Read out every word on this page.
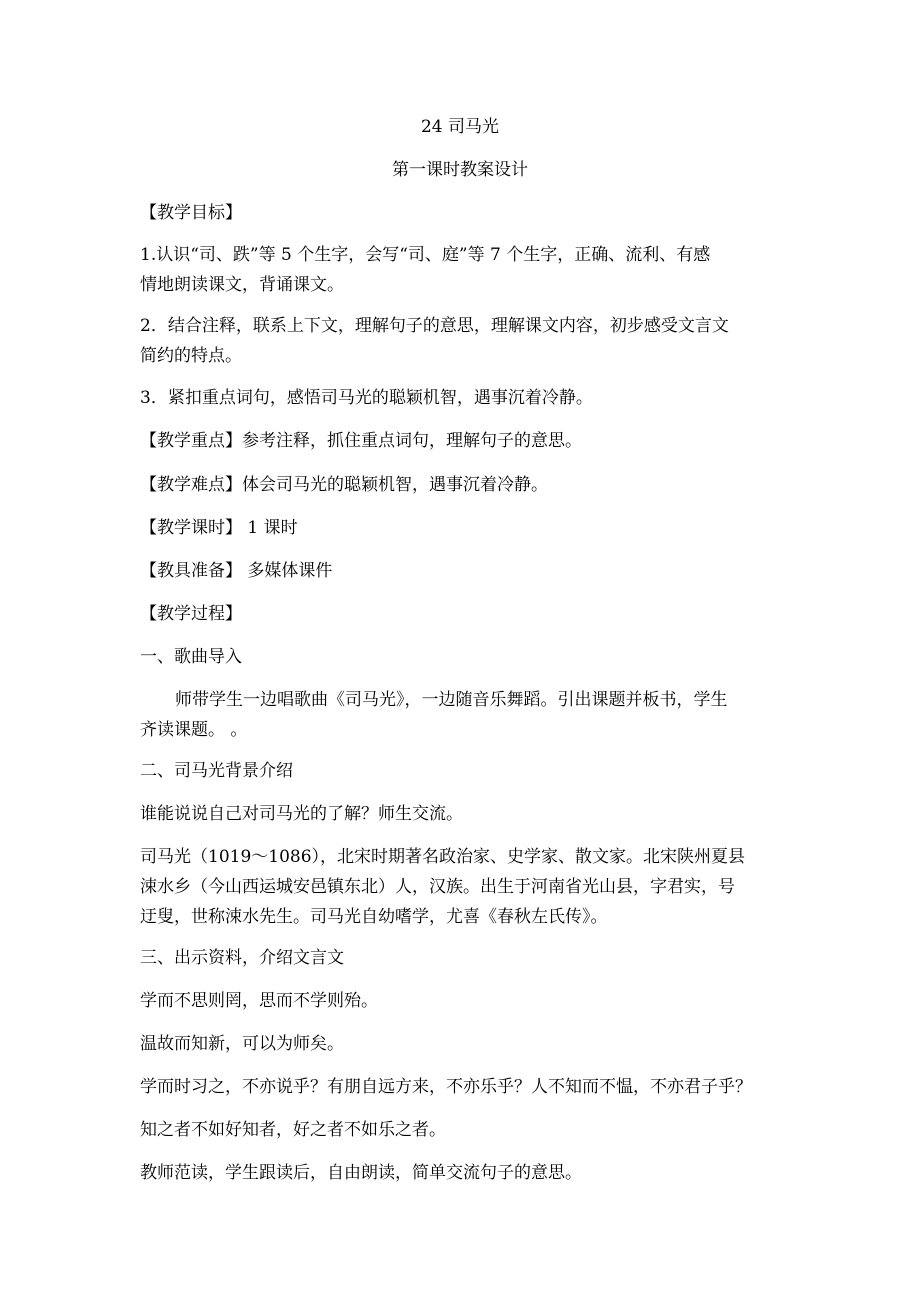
24 司马光
第一课时教案设计
【教学目标】
1.认识“司、跌”等 5 个生字，会写“司、庭”等 7 个生字，正确、流利、有感
情地朗读课文，背诵课文。
2．结合注释，联系上下文，理解句子的意思，理解课文内容，初步感受文言文
简约的特点。
3．紧扣重点词句，感悟司马光的聪颖机智，遇事沉着冷静。
【教学重点】参考注释，抓住重点词句，理解句子的意思。
【教学难点】体会司马光的聪颖机智，遇事沉着冷静。
【教学课时】 1 课时
【教具准备】 多媒体课件
【教学过程】
一、歌曲导入
师带学生一边唱歌曲《司马光》，一边随音乐舞蹈。引出课题并板书，学生
齐读课题。 。
二、司马光背景介绍
谁能说说自己对司马光的了解？师生交流。
司马光（1019～1086），北宋时期著名政治家、史学家、散文家。北宋陕州夏县
涑水乡（今山西运城安邑镇东北）人，汉族。出生于河南省光山县，字君实，号
迂叟，世称涑水先生。司马光自幼嗜学，尤喜《春秋左氏传》。
三、出示资料，介绍文言文
学而不思则罔，思而不学则殆。
温故而知新，可以为师矣。
学而时习之，不亦说乎？有朋自远方来，不亦乐乎？人不知而不愠，不亦君子乎？
知之者不如好知者，好之者不如乐之者。
教师范读，学生跟读后，自由朗读，简单交流句子的意思。
